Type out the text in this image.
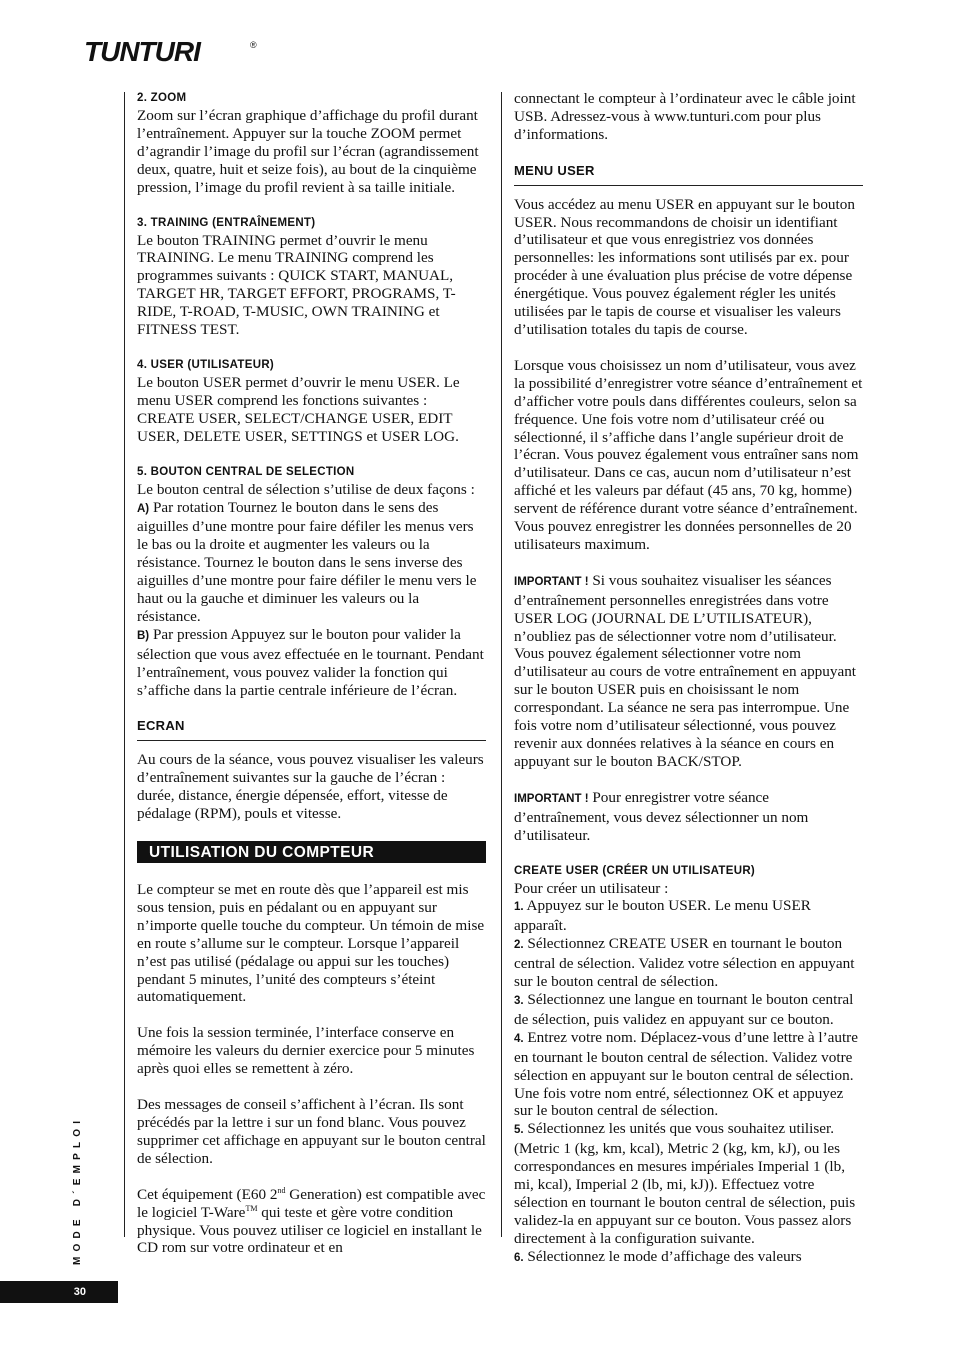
TUNTURI	®
2. ZOOM

Zoom sur l’écran graphique d’affichage du profil durant l’entraînement. Appuyer sur la touche ZOOM permet d’agrandir l’image du profil sur l’écran (agrandissement deux, quatre, huit et seize fois), au bout de la cinquième pression, l’image du profil revient à sa taille initiale.

3. TRAINING (ENTRAÎNEMENT)

Le bouton TRAINING permet d’ouvrir le menu TRAINING. Le menu TRAINING comprend les programmes suivants : QUICK START, MANUAL, TARGET HR, TARGET EFFORT, PROGRAMS, T-RIDE, T-ROAD, T-MUSIC, OWN TRAINING et FITNESS TEST.

4. USER (UTILISATEUR)

Le bouton USER permet d’ouvrir le menu USER. Le menu USER comprend les fonctions suivantes : CREATE USER, SELECT/CHANGE USER, EDIT USER, DELETE USER, SETTINGS et USER LOG.

5. BOUTON CENTRAL DE SELECTION

Le bouton central de sélection s’utilise de deux façons :

A) Par rotation Tournez le bouton dans le sens des aiguilles d’une montre pour faire défiler les menus vers le bas ou la droite et augmenter les valeurs ou la résistance. Tournez le bouton dans le sens inverse des aiguilles d’une montre pour faire défiler le menu vers le haut ou la gauche et diminuer les valeurs ou la résistance.

B) Par pression Appuyez sur le bouton pour valider la sélection que vous avez effectuée en le tournant. Pendant l’entraînement, vous pouvez valider la fonction qui s’affiche dans la partie centrale inférieure de l’écran.

ECRAN

Au cours de la séance, vous pouvez visualiser les valeurs d’entraînement suivantes sur la gauche de l’écran : durée, distance, énergie dépensée, effort, vitesse de pédalage (RPM), pouls et vitesse.

UTILISATION DU COMPTEUR

Le compteur se met en route dès que l’appareil est mis sous tension, puis en pédalant ou en appuyant sur n’importe quelle touche du compteur. Un témoin de mise en route s’allume sur le compteur. Lorsque l’appareil n’est pas utilisé (pédalage ou appui sur les touches) pendant 5 minutes, l’unité des compteurs s’éteint automatiquement.

Une fois la session terminée, l’interface conserve en mémoire les valeurs du dernier exercice pour 5 minutes après quoi elles se remettent à zéro.

Des messages de conseil s’affichent à l’écran. Ils sont précédés par la lettre i sur un fond blanc. Vous pouvez supprimer cet affichage en appuyant sur le bouton central de sélection.

Cet équipement (E60 2nd Generation) est compatible avec le logiciel T-Ware™ qui teste et gère votre condition physique. Vous pouvez utiliser ce logiciel en installant le CD rom sur votre ordinateur et en

connectant le compteur à l’ordinateur avec le câble joint USB. Adressez-vous à www.tunturi.com pour plus d’informations.

MENU USER

Vous accédez au menu USER en appuyant sur le bouton USER. Nous recommandons de choisir un identifiant d’utilisateur et que vous enregistriez vos données personnelles: les informations sont utilisés par ex. pour procéder à une évaluation plus précise de votre dépense énergétique. Vous pouvez également régler les unités utilisées par le tapis de course et visualiser les valeurs d’utilisation totales du tapis de course.

Lorsque vous choisissez un nom d’utilisateur, vous avez la possibilité d’enregistrer votre séance d’entraînement et d’afficher votre pouls dans différentes couleurs, selon sa fréquence. Une fois votre nom d’utilisateur créé ou sélectionné, il s’affiche dans l’angle supérieur droit de l’écran. Vous pouvez également vous entraîner sans nom d’utilisateur. Dans ce cas, aucun nom d’utilisateur n’est affiché et les valeurs par défaut (45 ans, 70 kg, homme) servent de référence durant votre séance d’entraînement. Vous pouvez enregistrer les données personnelles de 20 utilisateurs maximum.

IMPORTANT ! Si vous souhaitez visualiser les séances d’entraînement personnelles enregistrées dans votre USER LOG (JOURNAL DE L’UTILISATEUR), n’oubliez pas de sélectionner votre nom d’utilisateur. Vous pouvez également sélectionner votre nom d’utilisateur au cours de votre entraînement en appuyant sur le bouton USER puis en choisissant le nom correspondant. La séance ne sera pas interrompue. Une fois votre nom d’utilisateur sélectionné, vous pouvez revenir aux données relatives à la séance en cours en appuyant sur le bouton BACK/STOP.

IMPORTANT ! Pour enregistrer votre séance d’entraînement, vous devez sélectionner un nom d’utilisateur.

CREATE USER (CRÉER UN UTILISATEUR)

Pour créer un utilisateur :

1. Appuyez sur le bouton USER. Le menu USER apparaît.

2. Sélectionnez CREATE USER en tournant le bouton central de sélection. Validez votre sélection en appuyant sur le bouton central de sélection.

3. Sélectionnez une langue en tournant le bouton central de sélection, puis validez en appuyant sur ce bouton.

4. Entrez votre nom. Déplacez-vous d’une lettre à l’autre en tournant le bouton central de sélection. Validez votre sélection en appuyant sur le bouton central de sélection. Une fois votre nom entré, sélectionnez OK et appuyez sur le bouton central de sélection.

5. Sélectionnez les unités que vous souhaitez utiliser. (Metric 1 (kg, km, kcal), Metric 2 (kg, km, kJ), ou les correspondances en mesures impériales Imperial 1 (lb, mi, kcal), Imperial 2 (lb, mi, kJ)). Effectuez votre sélection en tournant le bouton central de sélection, puis validez-la en appuyant sur ce bouton. Vous passez alors directement à la configuration suivante.

6. Sélectionnez le mode d’affichage des valeurs

MODE D´EMPLOI
30
